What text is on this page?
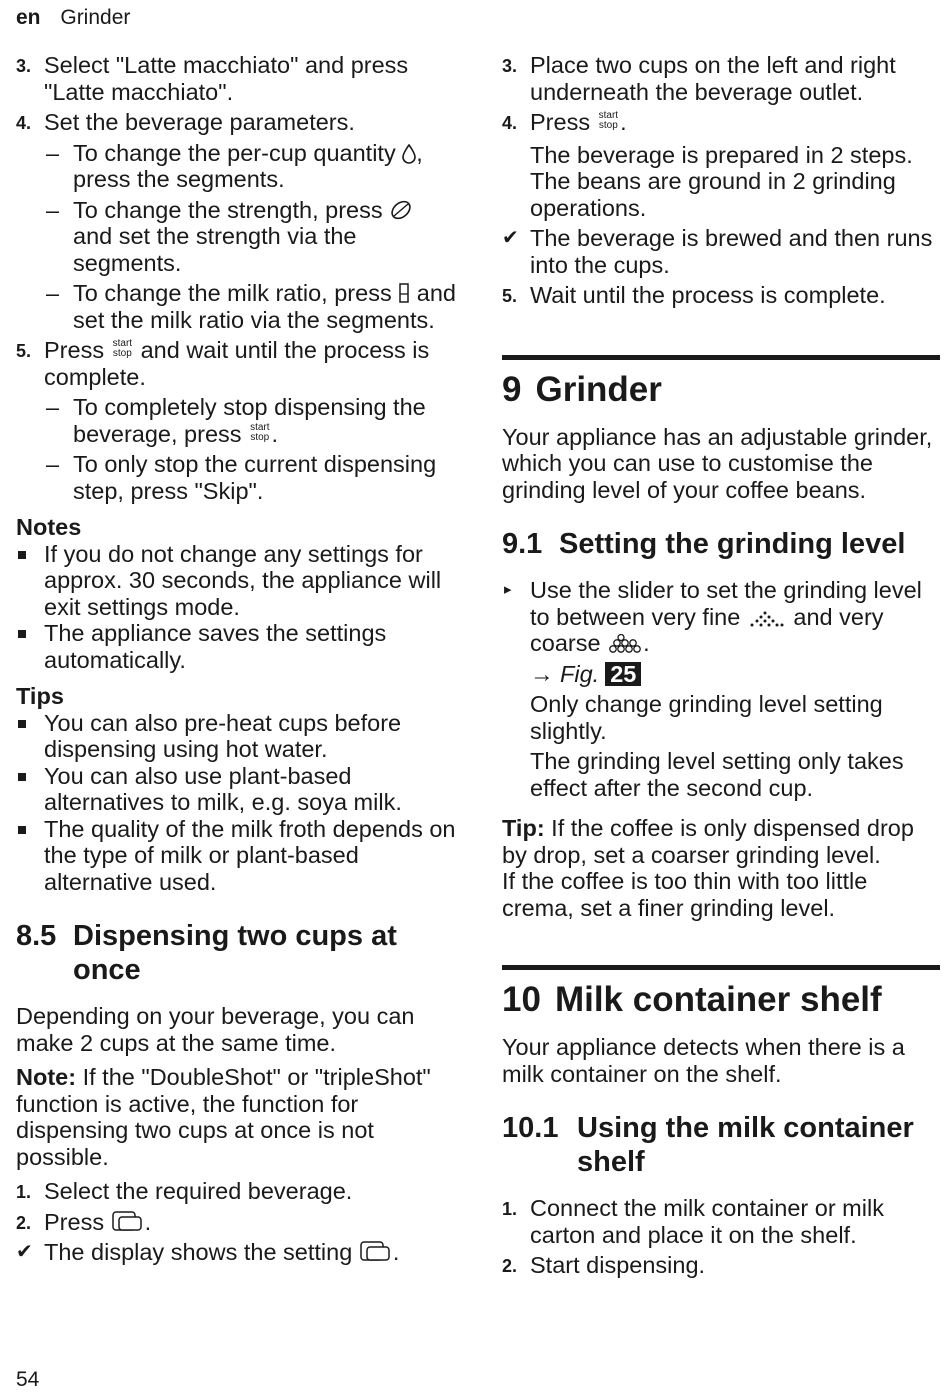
en Grinder
3. Select "Latte macchiato" and press "Latte macchiato".
4. Set the beverage parameters.
– To change the per-cup quantity , press the segments.
– To change the strength, press  and set the strength via the segments.
– To change the milk ratio, press and set the milk ratio via the segments.
5. Press start
stop and wait until the process is complete.
– To completely stop dispensing the beverage, press start
stop.
– To only stop the current dispensing step, press "Skip".
Notes
If you do not change any settings for approx. 30 seconds, the appliance will exit settings mode.
The appliance saves the settings automatically.
Tips
You can also pre-heat cups before dispensing using hot water.
You can also use plant-based alternatives to milk, e.g. soya milk.
The quality of the milk froth depends on the type of milk or plant-based alternative used.
8.5 Dispensing two cups at once
Depending on your beverage, you can make 2 cups at the same time.
Note: If the "DoubleShot" or "tripleShot" function is active, the function for dispensing two cups at once is not possible.
1. Select the required beverage.
2. Press .
✔ The display shows the setting .
3. Place two cups on the left and right underneath the beverage outlet.
4. Press start
stop.
The beverage is prepared in 2 steps. The beans are ground in 2 grinding operations.
✔ The beverage is brewed and then runs into the cups.
5. Wait until the process is complete.
9 Grinder
Your appliance has an adjustable grinder, which you can use to customise the grinding level of your coffee beans.
9.1 Setting the grinding level
▸ Use the slider to set the grinding level to between very fine and very coarse .
→ Fig. 25
Only change grinding level setting slightly.
The grinding level setting only takes effect after the second cup.
Tip: If the coffee is only dispensed drop by drop, set a coarser grinding level.
If the coffee is too thin with too little crema, set a finer grinding level.
10 Milk container shelf
Your appliance detects when there is a milk container on the shelf.
10.1 Using the milk container shelf
1. Connect the milk container or milk carton and place it on the shelf.
2. Start dispensing.
54
